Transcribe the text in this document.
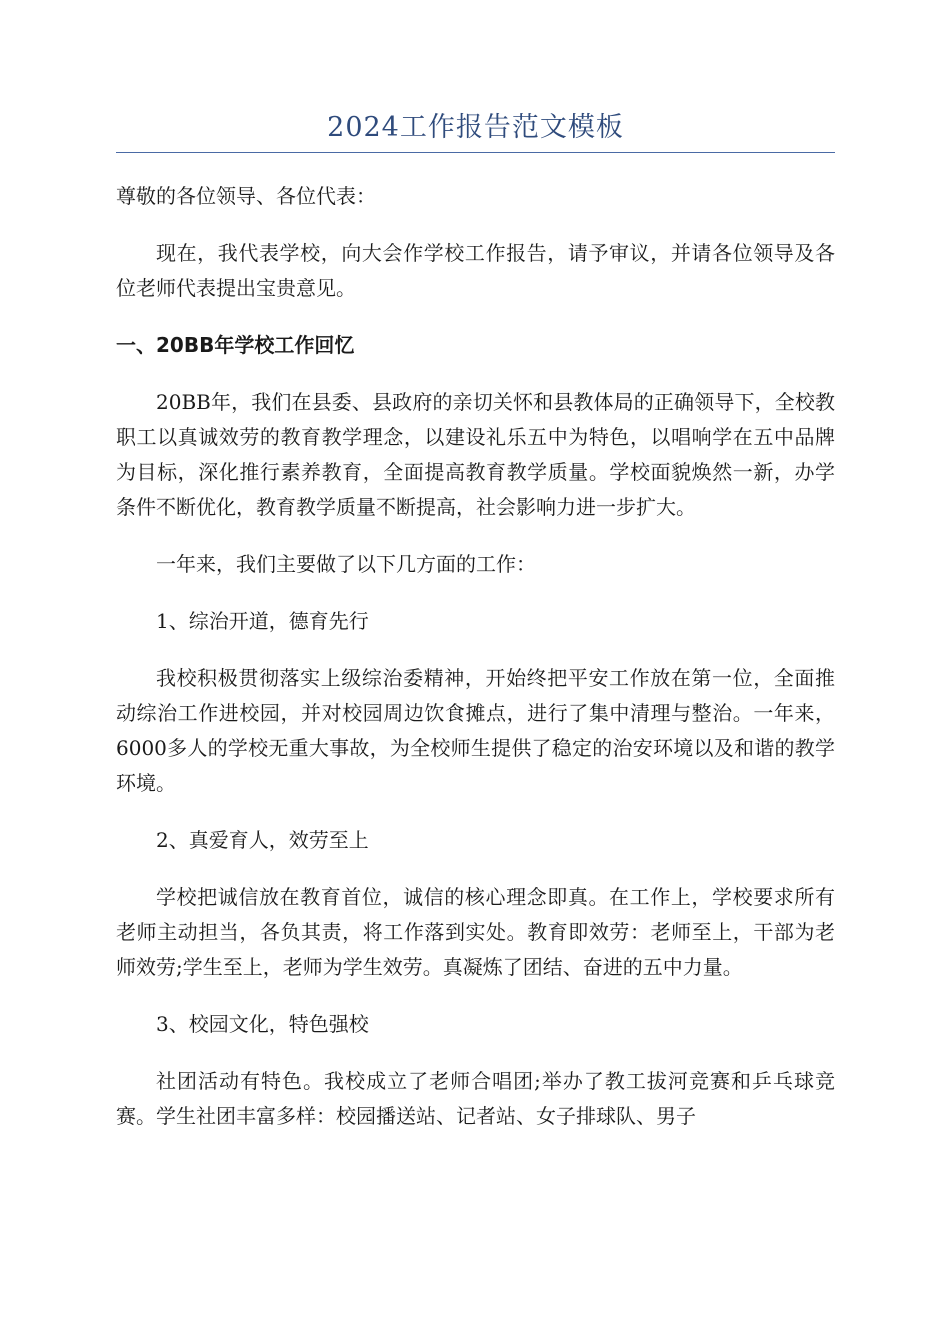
2024工作报告范文模板

尊敬的各位领导、各位代表：

现在，我代表学校，向大会作学校工作报告，请予审议，并请各位领导及各位老师代表提出宝贵意见。

一、20BB年学校工作回忆

20BB年，我们在县委、县政府的亲切关怀和县教体局的正确领导下，全校教职工以真诚效劳的教育教学理念，以建设礼乐五中为特色，以唱响学在五中品牌为目标，深化推行素养教育，全面提高教育教学质量。学校面貌焕然一新，办学条件不断优化，教育教学质量不断提高，社会影响力进一步扩大。

一年来，我们主要做了以下几方面的工作：

1、综治开道，德育先行

我校积极贯彻落实上级综治委精神，开始终把平安工作放在第一位，全面推动综治工作进校园，并对校园周边饮食摊点，进行了集中清理与整治。一年来，6000多人的学校无重大事故，为全校师生提供了稳定的治安环境以及和谐的教学环境。

2、真爱育人，效劳至上

学校把诚信放在教育首位，诚信的核心理念即真。在工作上，学校要求所有老师主动担当，各负其责，将工作落到实处。教育即效劳：老师至上，干部为老师效劳;学生至上，老师为学生效劳。真凝炼了团结、奋进的五中力量。

3、校园文化，特色强校

社团活动有特色。我校成立了老师合唱团;举办了教工拔河竞赛和乒乓球竞赛。学生社团丰富多样：校园播送站、记者站、女子排球队、男子
